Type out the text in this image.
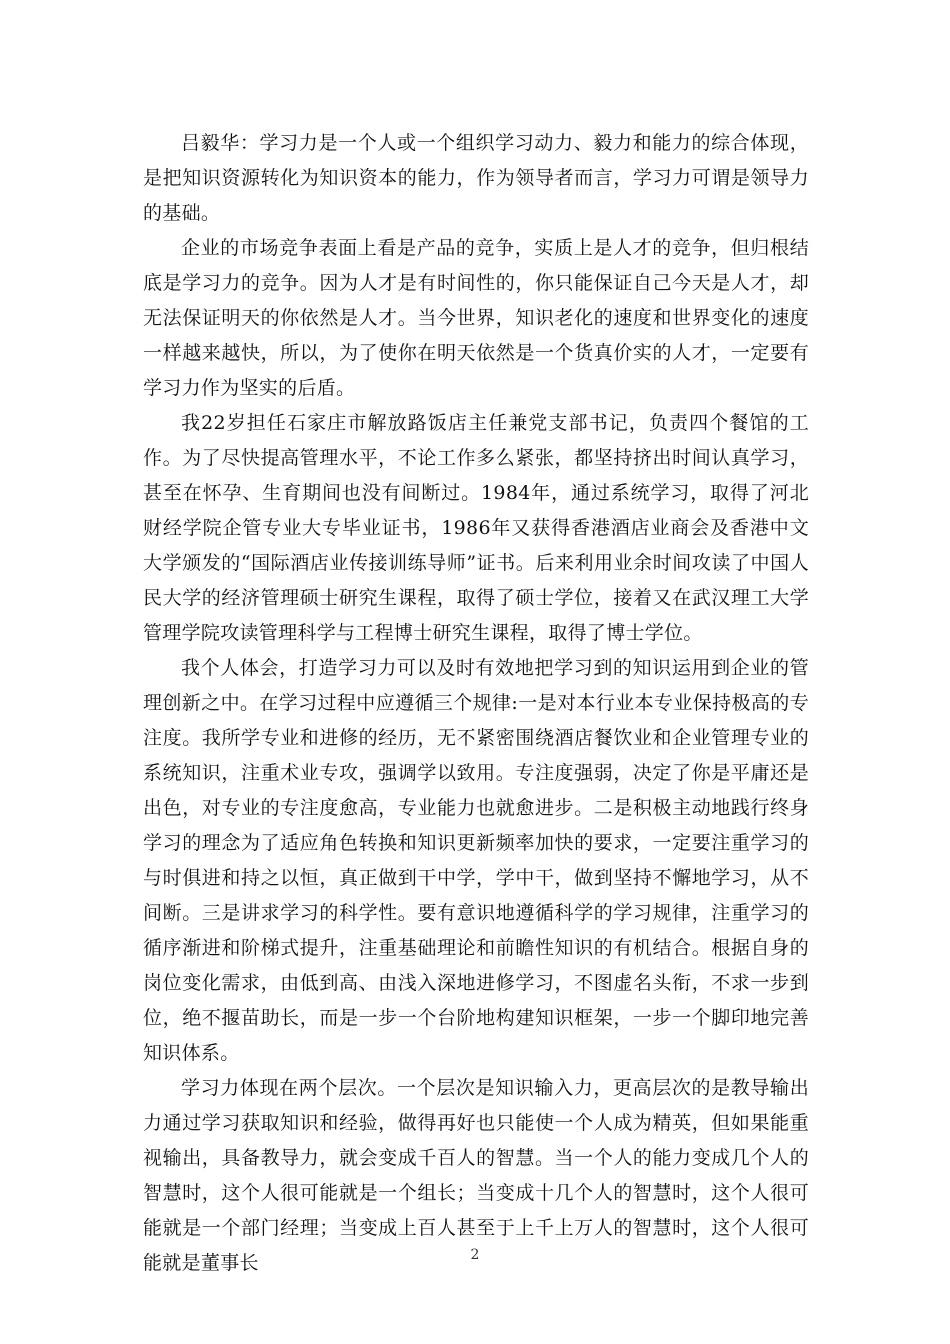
吕毅华：学习力是一个人或一个组织学习动力、毅力和能力的综合体现，是把知识资源转化为知识资本的能力，作为领导者而言，学习力可谓是领导力的基础。

企业的市场竞争表面上看是产品的竞争，实质上是人才的竞争，但归根结底是学习力的竞争。因为人才是有时间性的，你只能保证自己今天是人才，却无法保证明天的你依然是人才。当今世界，知识老化的速度和世界变化的速度一样越来越快，所以，为了使你在明天依然是一个货真价实的人才，一定要有学习力作为坚实的后盾。

我22岁担任石家庄市解放路饭店主任兼党支部书记，负责四个餐馆的工作。为了尽快提高管理水平，不论工作多么紧张，都坚持挤出时间认真学习，甚至在怀孕、生育期间也没有间断过。1984年，通过系统学习，取得了河北财经学院企管专业大专毕业证书，1986年又获得香港酒店业商会及香港中文大学颁发的“国际酒店业传接训练导师”证书。后来利用业余时间攻读了中国人民大学的经济管理硕士研究生课程，取得了硕士学位，接着又在武汉理工大学管理学院攻读管理科学与工程博士研究生课程，取得了博士学位。

我个人体会，打造学习力可以及时有效地把学习到的知识运用到企业的管理创新之中。在学习过程中应遵循三个规律:一是对本行业本专业保持极高的专注度。我所学专业和进修的经历，无不紧密围绕酒店餐饮业和企业管理专业的系统知识，注重术业专攻，强调学以致用。专注度强弱，决定了你是平庸还是出色，对专业的专注度愈高，专业能力也就愈进步。二是积极主动地践行终身学习的理念为了适应角色转换和知识更新频率加快的要求，一定要注重学习的与时俱进和持之以恒，真正做到干中学，学中干，做到坚持不懈地学习，从不间断。三是讲求学习的科学性。要有意识地遵循科学的学习规律，注重学习的循序渐进和阶梯式提升，注重基础理论和前瞻性知识的有机结合。根据自身的岗位变化需求，由低到高、由浅入深地进修学习，不图虚名头衔，不求一步到位，绝不揠苗助长，而是一步一个台阶地构建知识框架，一步一个脚印地完善知识体系。

学习力体现在两个层次。一个层次是知识输入力，更高层次的是教导输出力通过学习获取知识和经验，做得再好也只能使一个人成为精英，但如果能重视输出，具备教导力，就会变成千百人的智慧。当一个人的能力变成几个人的智慧时，这个人很可能就是一个组长；当变成十几个人的智慧时，这个人很可能就是一个部门经理；当变成上百人甚至于上千上万人的智慧时，这个人很可能就是董事长	2
